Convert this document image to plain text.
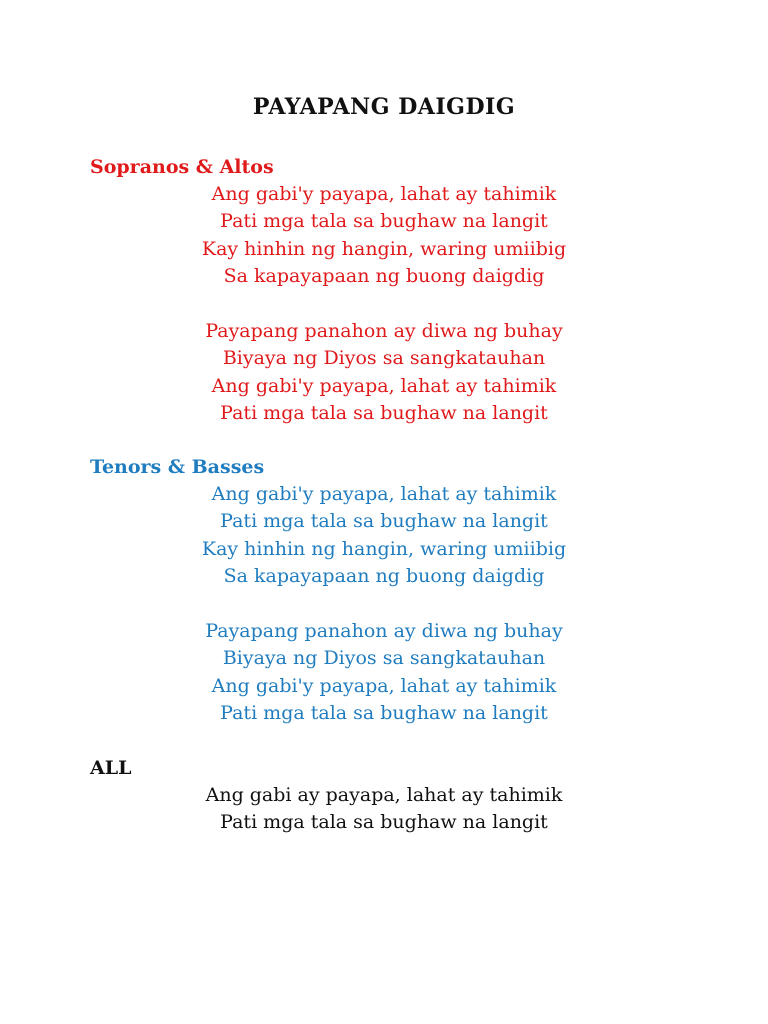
PAYAPANG DAIGDIG
Sopranos & Altos
Ang gabi'y payapa, lahat ay tahimik
Pati mga tala sa bughaw na langit
Kay hinhin ng hangin, waring umiibig
Sa kapayapaan ng buong daigdig
Payapang panahon ay diwa ng buhay
Biyaya ng Diyos sa sangkatauhan
Ang gabi'y payapa, lahat ay tahimik
Pati mga tala sa bughaw na langit
Tenors & Basses
Ang gabi'y payapa, lahat ay tahimik
Pati mga tala sa bughaw na langit
Kay hinhin ng hangin, waring umiibig
Sa kapayapaan ng buong daigdig
Payapang panahon ay diwa ng buhay
Biyaya ng Diyos sa sangkatauhan
Ang gabi'y payapa, lahat ay tahimik
Pati mga tala sa bughaw na langit
ALL
Ang gabi ay payapa, lahat ay tahimik
Pati mga tala sa bughaw na langit
